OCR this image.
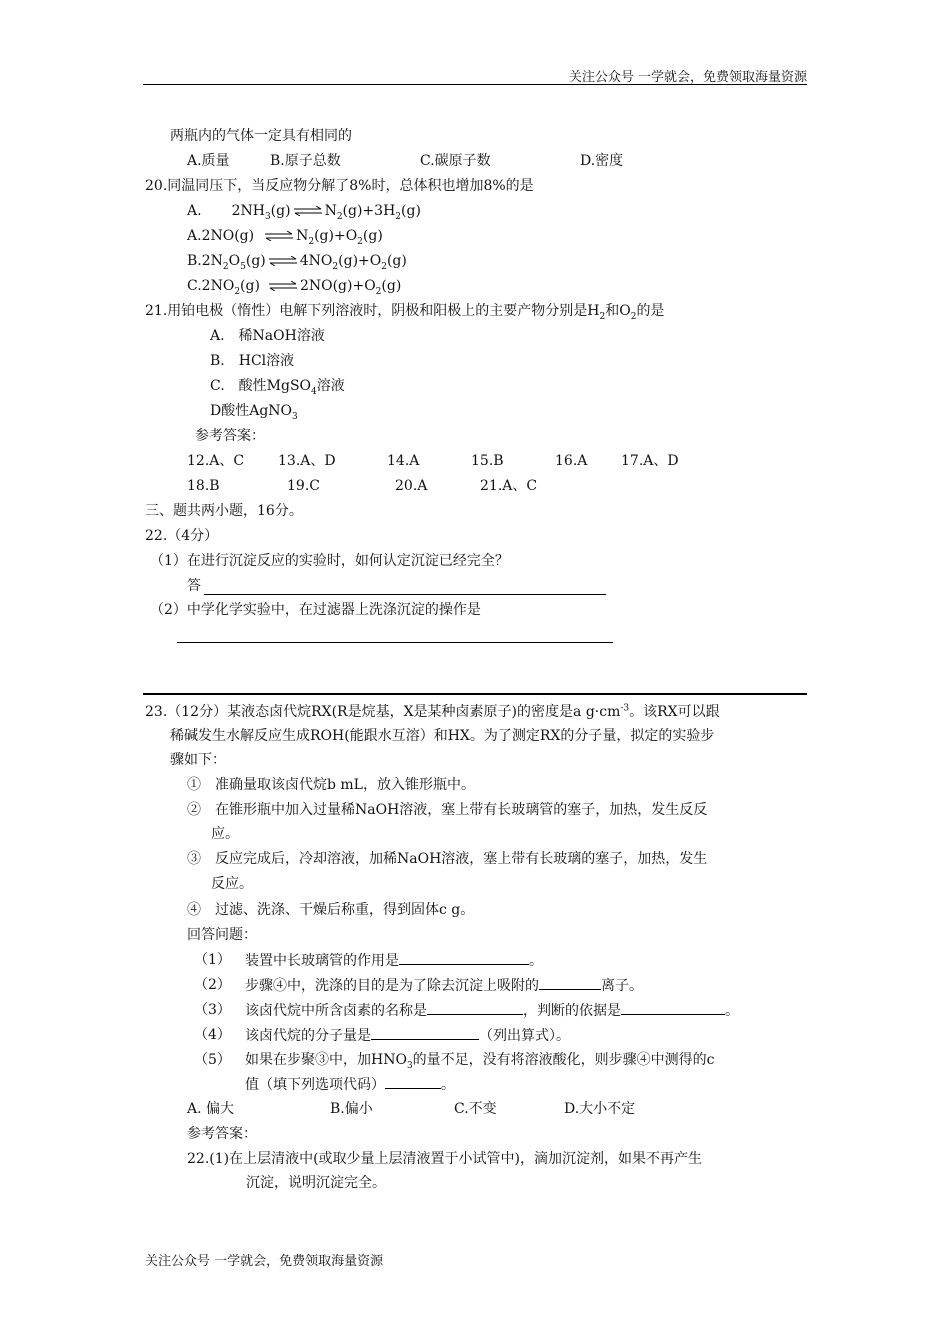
关注公众号 一学就会，免费领取海量资源
两瓶内的气体一定具有相同的
A.质量	B.原子总数	C.碳原子数	D.密度
20.同温同压下，当反应物分解了8%时，总体积也增加8%的是
A. $2NH_3(g)$ ⇌ $N_2(g)+3H_2(g)$
A.2NO(g) ⇌ $N_2(g)+O_2(g)$
$B.2N_2O_5(g)$ ⇌ $4NO_2(g)+O_2(g)$
$C.2NO_2(g)$ ⇌ $2NO(g)+O_2(g)$
21.用铂电极（惰性）电解下列溶液时，阴极和阳极上的主要产物分别是$H_2$和$O_2$的是
A.　稀NaOH溶液
B.　HCl溶液
C.　酸性MgSO$_4$溶液
D酸性AgNO$_3$
参考答案：
12.A、C 13.A、D	14.A	15.B	16.A 17.A、D
18.B	19.C	20.A	21.A、C
三、题共两小题，16分。
22.（4分）
（1）在进行沉淀反应的实验时，如何认定沉淀已经完全？
答
（2）中学化学实验中，在过滤器上洗涤沉淀的操作是
23.（12分）某液态卤代烷RX(R是烷基，X是某种卤素原子)的密度是a $g\cdot cm^{-3}$。该RX可以跟
稀碱发生水解反应生成ROH(能跟水互溶）和HX。为了测定RX的分子量，拟定的实验步
骤如下：
①　准确量取该卤代烷b mL，放入锥形瓶中。
②　在锥形瓶中加入过量稀NaOH溶液，塞上带有长玻璃管的塞子，加热，发生反反
应。
③　反应完成后，冷却溶液，加稀NaOH溶液，塞上带有长玻璃的塞子，加热，发生
反应。
④　过滤、洗涤、干燥后称重，得到固体c g。
回答问题：
（1） 装置中长玻璃管的作用是	。
（2） 步骤④中，洗涤的目的是为了除去沉淀上吸附的	离子。
（3） 该卤代烷中所含卤素的名称是	，判断的依据是	。
（4） 该卤代烷的分子量是	（列出算式）。
（5） 如果在步聚③中，加$HNO_3$的量不足，没有将溶液酸化，则步骤④中测得的c
值（填下列选项代码）	。
A. 偏大	B.偏小	C.不变	D.大小不定
参考答案：
22.(1)在上层清液中(或取少量上层清液置于小试管中)，滴加沉淀剂，如果不再产生
沉淀，说明沉淀完全。
关注公众号 一学就会，免费领取海量资源
